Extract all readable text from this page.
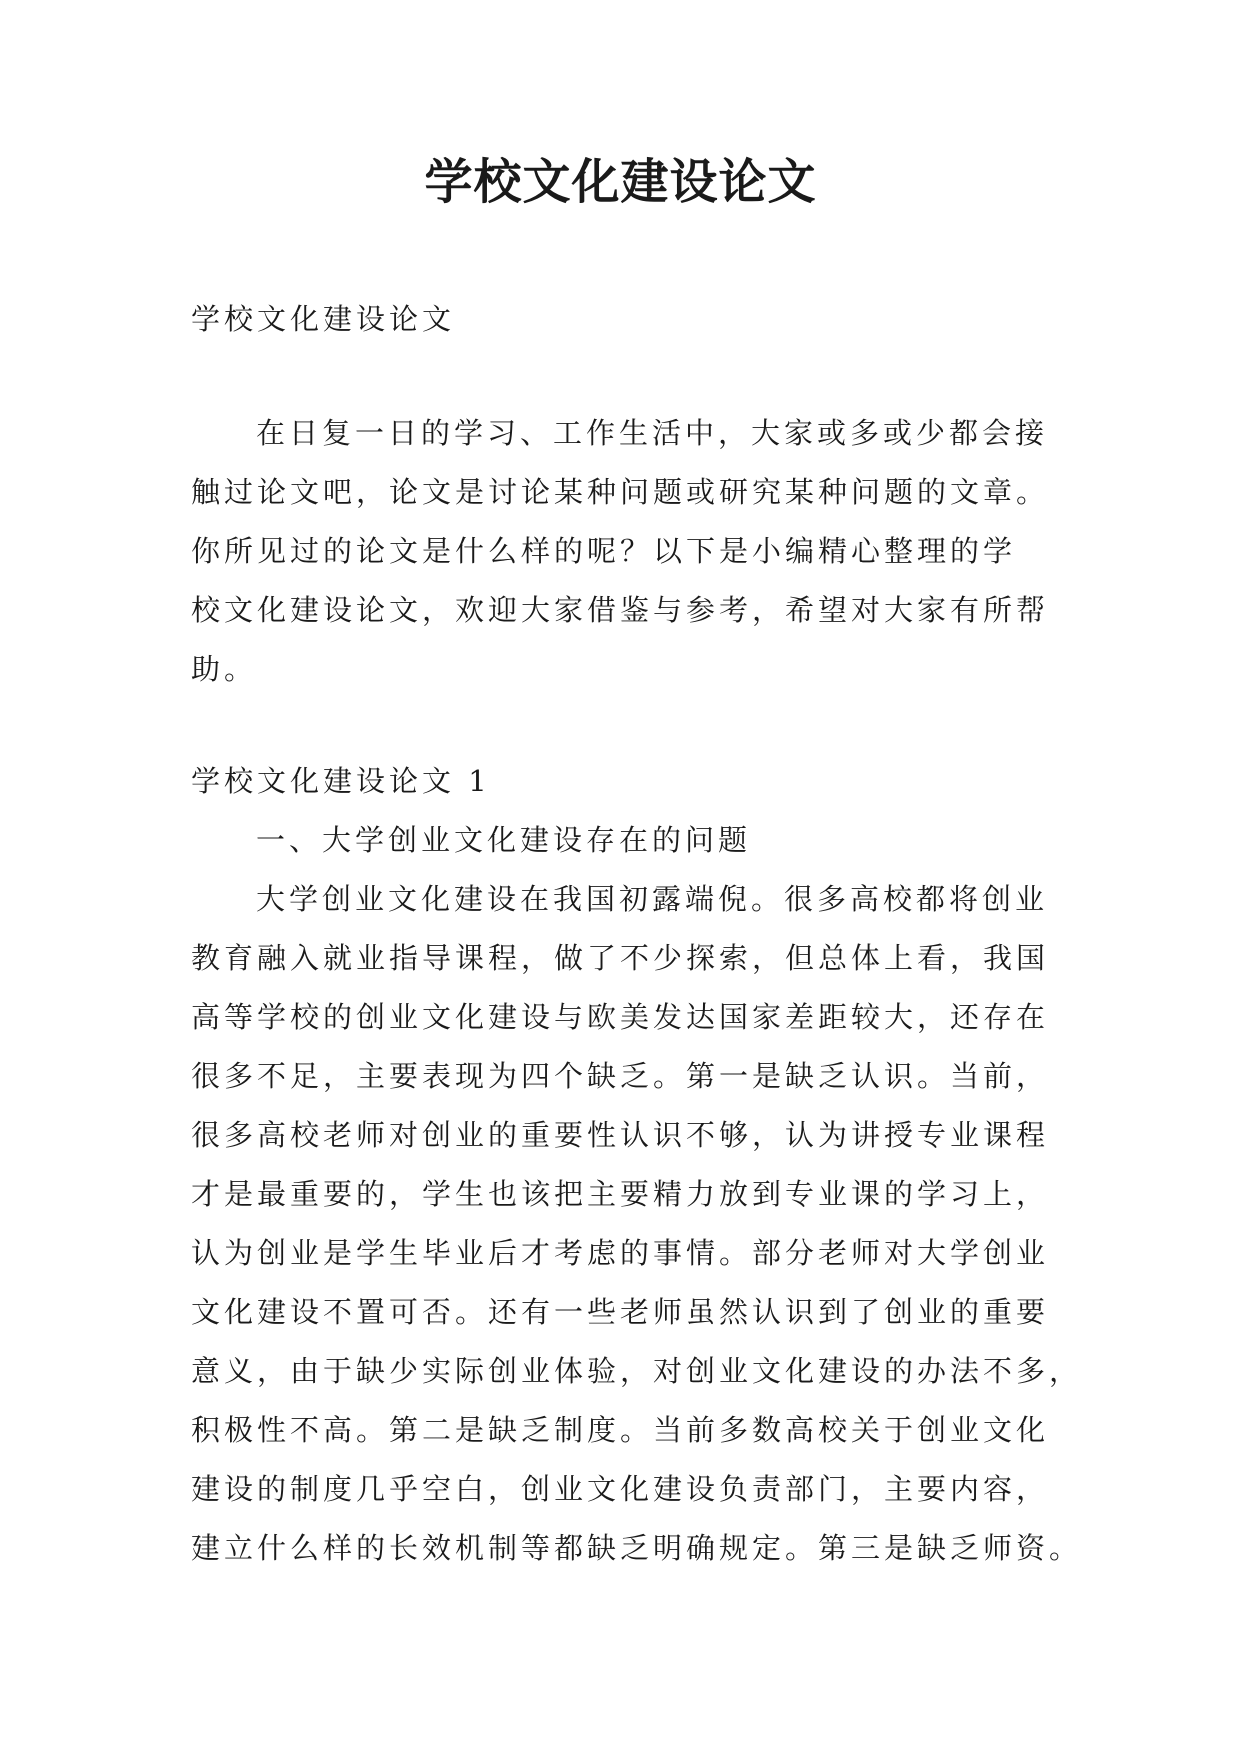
学校文化建设论文

学校文化建设论文

在日复一日的学习、工作生活中，大家或多或少都会接
触过论文吧，论文是讨论某种问题或研究某种问题的文章。
你所见过的论文是什么样的呢？以下是小编精心整理的学
校文化建设论文，欢迎大家借鉴与参考，希望对大家有所帮
助。

学校文化建设论文 1

一、大学创业文化建设存在的问题
大学创业文化建设在我国初露端倪。很多高校都将创业
教育融入就业指导课程，做了不少探索，但总体上看，我国
高等学校的创业文化建设与欧美发达国家差距较大，还存在
很多不足，主要表现为四个缺乏。第一是缺乏认识。当前，
很多高校老师对创业的重要性认识不够，认为讲授专业课程
才是最重要的，学生也该把主要精力放到专业课的学习上，
认为创业是学生毕业后才考虑的事情。部分老师对大学创业
文化建设不置可否。还有一些老师虽然认识到了创业的重要
意义，由于缺少实际创业体验，对创业文化建设的办法不多，
积极性不高。第二是缺乏制度。当前多数高校关于创业文化
建设的制度几乎空白，创业文化建设负责部门，主要内容，
建立什么样的长效机制等都缺乏明确规定。第三是缺乏师资。
